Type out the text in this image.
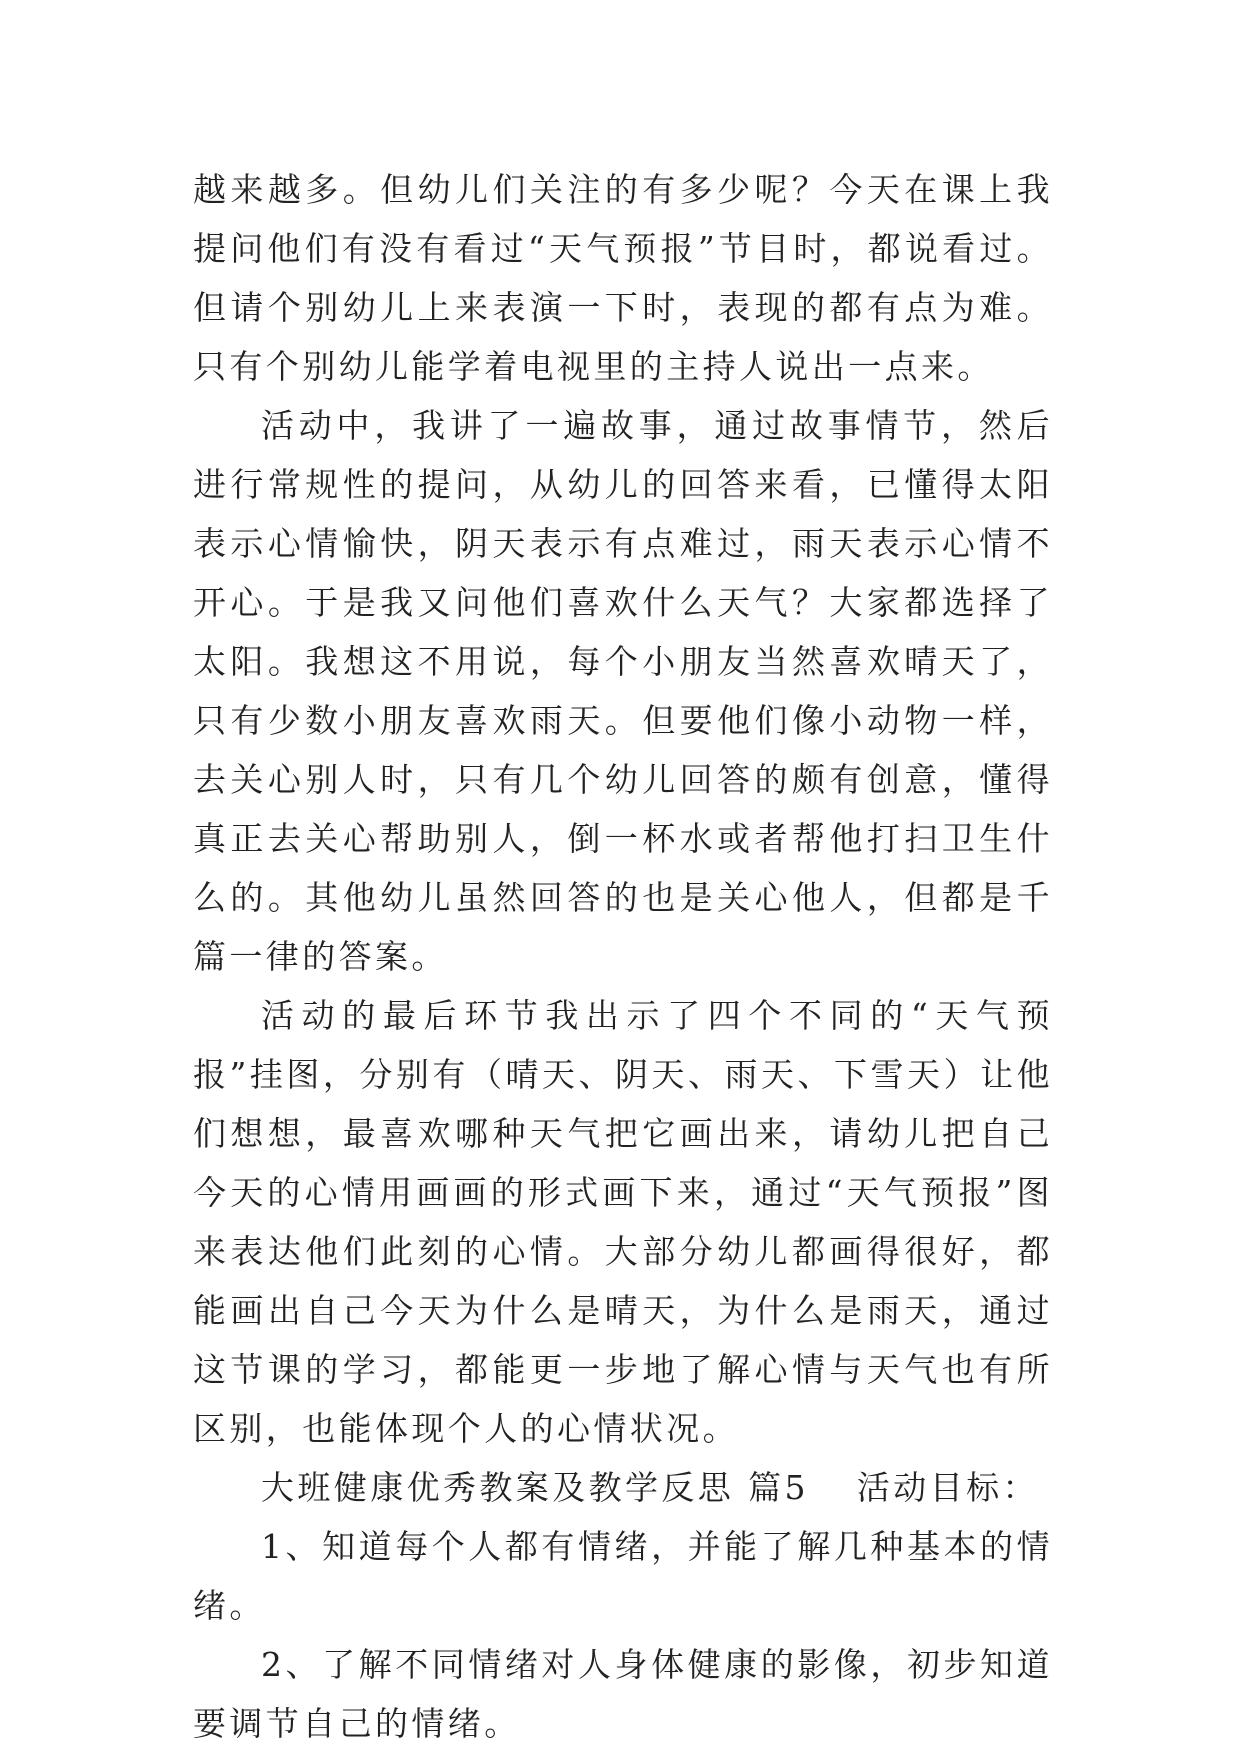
越来越多。但幼儿们关注的有多少呢？今天在课上我提问他们有没有看过“天气预报”节目时，都说看过。但请个别幼儿上来表演一下时，表现的都有点为难。只有个别幼儿能学着电视里的主持人说出一点来。

活动中，我讲了一遍故事，通过故事情节，然后进行常规性的提问，从幼儿的回答来看，已懂得太阳表示心情愉快，阴天表示有点难过，雨天表示心情不开心。于是我又问他们喜欢什么天气？大家都选择了太阳。我想这不用说，每个小朋友当然喜欢晴天了，只有少数小朋友喜欢雨天。但要他们像小动物一样，去关心别人时，只有几个幼儿回答的颇有创意，懂得真正去关心帮助别人，倒一杯水或者帮他打扫卫生什么的。其他幼儿虽然回答的也是关心他人，但都是千篇一律的答案。

活动的最后环节我出示了四个不同的“天气预报”挂图，分别有（晴天、阴天、雨天、下雪天）让他们想想，最喜欢哪种天气把它画出来，请幼儿把自己今天的心情用画画的形式画下来，通过“天气预报”图来表达他们此刻的心情。大部分幼儿都画得很好，都能画出自己今天为什么是晴天，为什么是雨天，通过这节课的学习，都能更一步地了解心情与天气也有所区别，也能体现个人的心情状况。

大班健康优秀教案及教学反思 篇5 活动目标：

1、知道每个人都有情绪，并能了解几种基本的情绪。

2、了解不同情绪对人身体健康的影像，初步知道要调节自己的情绪。
